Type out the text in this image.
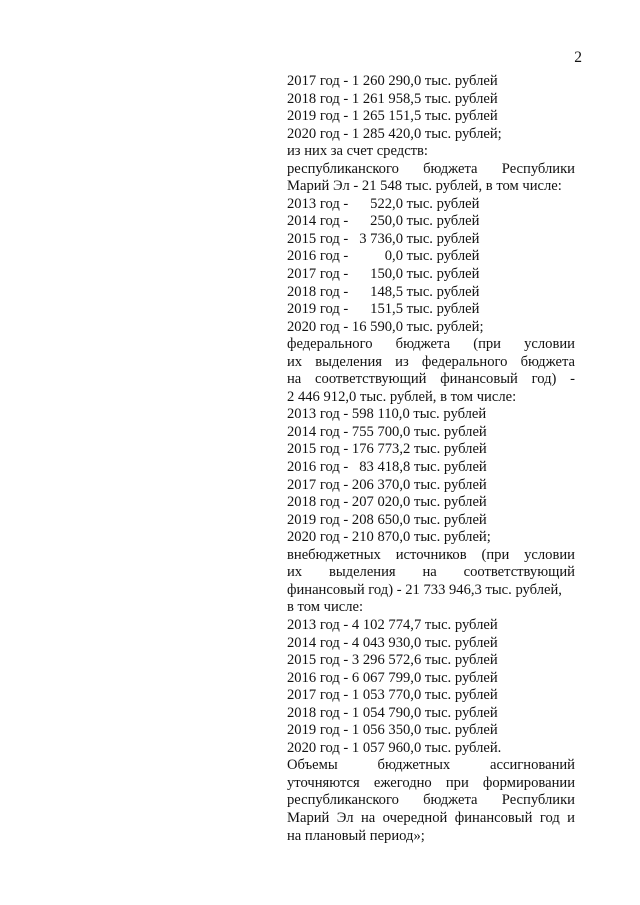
2
2017 год - 1 260 290,0 тыс. рублей
2018 год - 1 261 958,5 тыс. рублей
2019 год - 1 265 151,5 тыс. рублей
2020 год - 1 285 420,0 тыс. рублей;
из них за счет средств:
республиканского бюджета Республики
Марий Эл - 21 548 тыс. рублей, в том числе:
2013 год -      522,0 тыс. рублей
2014 год -      250,0 тыс. рублей
2015 год -   3 736,0 тыс. рублей
2016 год -          0,0 тыс. рублей
2017 год -      150,0 тыс. рублей
2018 год -      148,5 тыс. рублей
2019 год -      151,5 тыс. рублей
2020 год - 16 590,0 тыс. рублей;
федерального бюджета (при условии
их выделения из федерального бюджета
на соответствующий финансовый год) -
2 446 912,0 тыс. рублей, в том числе:
2013 год - 598 110,0 тыс. рублей
2014 год - 755 700,0 тыс. рублей
2015 год - 176 773,2 тыс. рублей
2016 год -   83 418,8 тыс. рублей
2017 год - 206 370,0 тыс. рублей
2018 год - 207 020,0 тыс. рублей
2019 год - 208 650,0 тыс. рублей
2020 год - 210 870,0 тыс. рублей;
внебюджетных источников (при условии
их выделения на соответствующий
финансовый год) - 21 733 946,3 тыс. рублей,
в том числе:
2013 год - 4 102 774,7 тыс. рублей
2014 год - 4 043 930,0 тыс. рублей
2015 год - 3 296 572,6 тыс. рублей
2016 год - 6 067 799,0 тыс. рублей
2017 год - 1 053 770,0 тыс. рублей
2018 год - 1 054 790,0 тыс. рублей
2019 год - 1 056 350,0 тыс. рублей
2020 год - 1 057 960,0 тыс. рублей.
Объемы бюджетных ассигнований
уточняются ежегодно при формировании
республиканского бюджета Республики
Марий Эл на очередной финансовый год и
на плановый период»;
